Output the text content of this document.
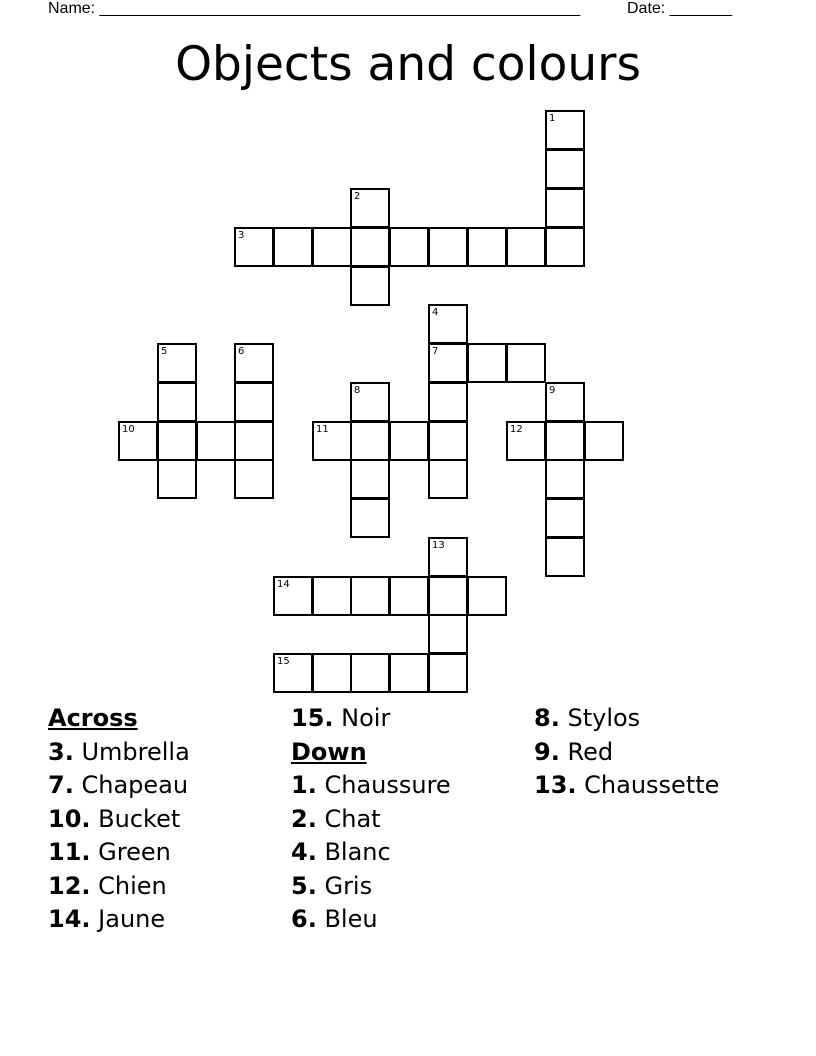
Name: ______________________________________________________	Date: _______
Objects and colours
1
2
3
4
7
5	6
10
8
11
9
12
13
14
15
Across
3. Umbrella
7. Chapeau
10. Bucket
11. Green
12. Chien
14. Jaune
15. Noir
Down
1. Chaussure
2. Chat
4. Blanc
5. Gris
6. Bleu
8. Stylos
9. Red
13. Chaussette
